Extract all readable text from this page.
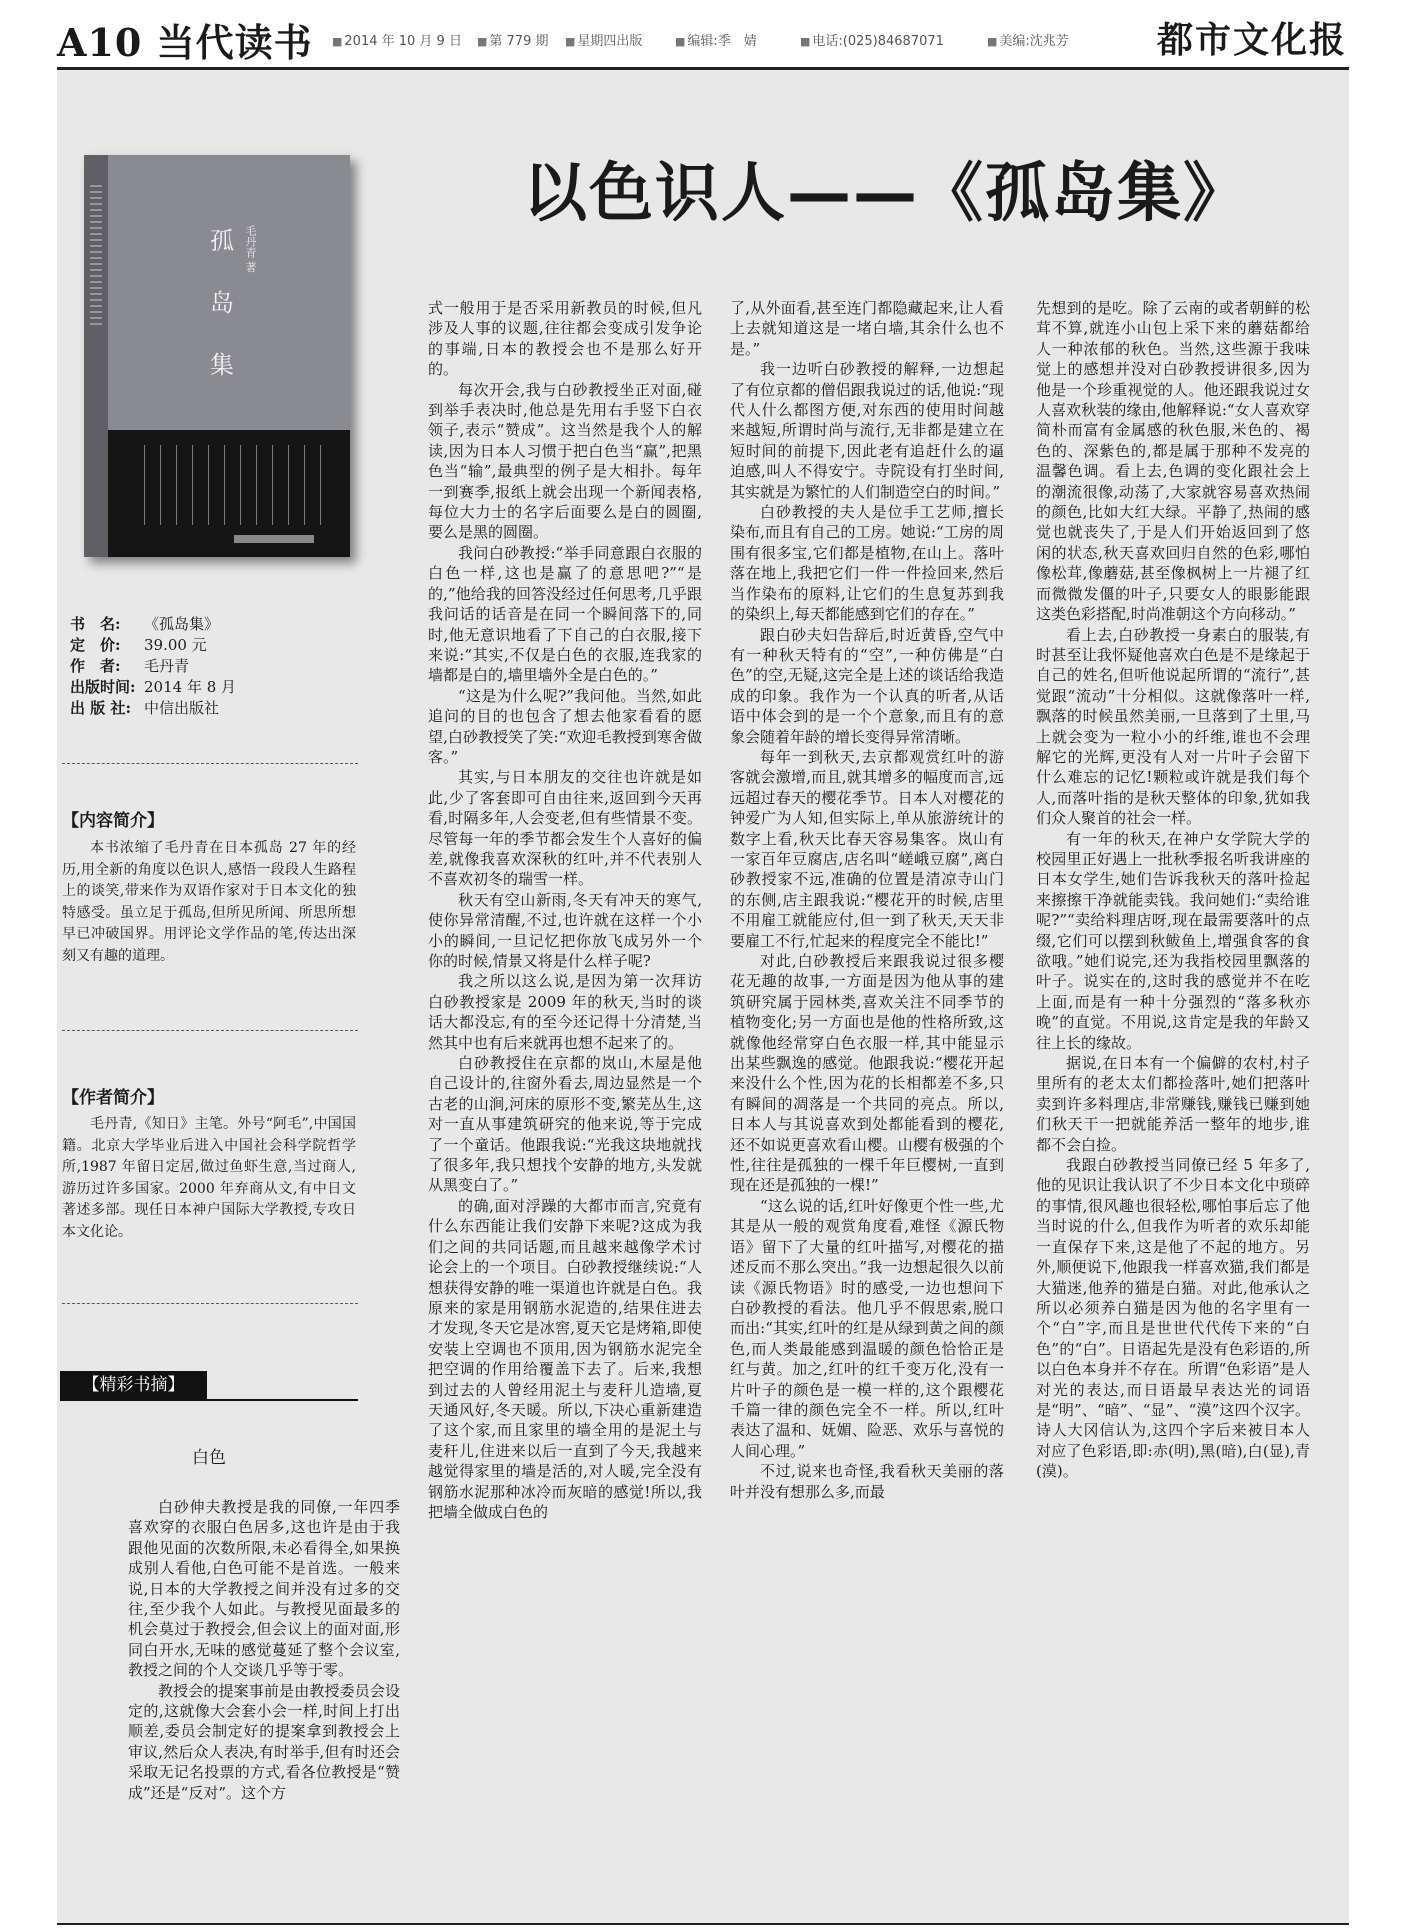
A10 当代读书	■ 2014 年 10 月 9 日	■ 第 779 期	■ 星期四出版	■ 编辑:季　婧	■ 电话:(025)84687071	■ 美编:沈兆芳 都市文化报
孤
岛
集
毛丹青 著
书　名: 《孤岛集》
定　价: 39.00 元
作　者: 毛丹青
出版时间: 2014 年 8 月
出 版 社: 中信出版社
【内容简介】

本书浓缩了毛丹青在日本孤岛 27 年的经历,用全新的角度以色识人,感悟一段段人生路程上的谈笑,带来作为双语作家对于日本文化的独特感受。虽立足于孤岛,但所见所闻、所思所想早已冲破国界。用评论文学作品的笔,传达出深刻又有趣的道理。

【作者简介】

毛丹青,《知日》主笔。外号“阿毛”,中国国籍。北京大学毕业后进入中国社会科学院哲学所,1987 年留日定居,做过鱼虾生意,当过商人,游历过许多国家。2000 年弃商从文,有中日文著述多部。现任日本神户国际大学教授,专攻日本文化论。

【精彩书摘】
白色

白砂伸夫教授是我的同僚,一年四季喜欢穿的衣服白色居多,这也许是由于我跟他见面的次数所限,未必看得全,如果换成别人看他,白色可能不是首选。一般来说,日本的大学教授之间并没有过多的交往,至少我个人如此。与教授见面最多的机会莫过于教授会,但会议上的面对面,形同白开水,无味的感觉蔓延了整个会议室,教授之间的个人交谈几乎等于零。

教授会的提案事前是由教授委员会设定的,这就像大会套小会一样,时间上打出顺差,委员会制定好的提案拿到教授会上审议,然后众人表决,有时举手,但有时还会采取无记名投票的方式,看各位教授是“赞成”还是“反对”。这个方

以色识人——《孤岛集》

式一般用于是否采用新教员的时候,但凡涉及人事的议题,往往都会变成引发争论的事端,日本的教授会也不是那么好开的。

每次开会,我与白砂教授坐正对面,碰到举手表决时,他总是先用右手竖下白衣领子,表示“赞成”。这当然是我个人的解读,因为日本人习惯于把白色当“赢”,把黑色当“输”,最典型的例子是大相扑。每年一到赛季,报纸上就会出现一个新闻表格,每位大力士的名字后面要么是白的圆圈,要么是黑的圆圈。

我问白砂教授:“举手同意跟白衣服的白色一样,这也是赢了的意思吧?”“是的,”他给我的回答没经过任何思考,几乎跟我问话的话音是在同一个瞬间落下的,同时,他无意识地看了下自己的白衣服,接下来说:“其实,不仅是白色的衣服,连我家的墙都是白的,墙里墙外全是白色的。”

“这是为什么呢?”我问他。当然,如此追问的目的也包含了想去他家看看的愿望,白砂教授笑了笑:“欢迎毛教授到寒舍做客。”

其实,与日本朋友的交往也许就是如此,少了客套即可自由往来,返回到今天再看,时隔多年,人会变老,但有些情景不变。尽管每一年的季节都会发生个人喜好的偏差,就像我喜欢深秋的红叶,并不代表别人不喜欢初冬的瑞雪一样。

秋天有空山新雨,冬天有冲天的寒气,使你异常清醒,不过,也许就在这样一个小小的瞬间,一旦记忆把你放飞成另外一个你的时候,情景又将是什么样子呢?

我之所以这么说,是因为第一次拜访白砂教授家是 2009 年的秋天,当时的谈话大都没忘,有的至今还记得十分清楚,当然其中也有后来就再也想不起来了的。

白砂教授住在京都的岚山,木屋是他自己设计的,往窗外看去,周边显然是一个古老的山涧,河床的原形不变,繁芜丛生,这对一直从事建筑研究的他来说,等于完成了一个童话。他跟我说:“光我这块地就找了很多年,我只想找个安静的地方,头发就从黑变白了。”

的确,面对浮躁的大都市而言,究竟有什么东西能让我们安静下来呢?这成为我们之间的共同话题,而且越来越像学术讨论会上的一个项目。白砂教授继续说:“人想获得安静的唯一渠道也许就是白色。我原来的家是用钢筋水泥造的,结果住进去才发现,冬天它是冰窖,夏天它是烤箱,即使安装上空调也不顶用,因为钢筋水泥完全把空调的作用给覆盖下去了。后来,我想到过去的人曾经用泥土与麦秆儿造墙,夏天通风好,冬天暖。所以,下决心重新建造了这个家,而且家里的墙全用的是泥土与麦秆儿,住进来以后一直到了今天,我越来越觉得家里的墙是活的,对人暖,完全没有钢筋水泥那种冰冷而灰暗的感觉!所以,我把墙全做成白色的

了,从外面看,甚至连门都隐藏起来,让人看上去就知道这是一堵白墙,其余什么也不是。”

我一边听白砂教授的解释,一边想起了有位京都的僧侣跟我说过的话,他说:“现代人什么都图方便,对东西的使用时间越来越短,所谓时尚与流行,无非都是建立在短时间的前提下,因此老有追赶什么的逼迫感,叫人不得安宁。寺院设有打坐时间,其实就是为繁忙的人们制造空白的时间。”

白砂教授的夫人是位手工艺师,擅长染布,而且有自己的工房。她说:“工房的周围有很多宝,它们都是植物,在山上。落叶落在地上,我把它们一件一件捡回来,然后当作染布的原料,让它们的生息复苏到我的染织上,每天都能感到它们的存在。”

跟白砂夫妇告辞后,时近黄昏,空气中有一种秋天特有的“空”,一种仿佛是“白色”的空,无疑,这完全是上述的谈话给我造成的印象。我作为一个认真的听者,从话语中体会到的是一个个意象,而且有的意象会随着年龄的增长变得异常清晰。

每年一到秋天,去京都观赏红叶的游客就会激增,而且,就其增多的幅度而言,远远超过春天的樱花季节。日本人对樱花的钟爱广为人知,但实际上,单从旅游统计的数字上看,秋天比春天容易集客。岚山有一家百年豆腐店,店名叫“嵯峨豆腐”,离白砂教授家不远,准确的位置是清凉寺山门的东侧,店主跟我说:“樱花开的时候,店里不用雇工就能应付,但一到了秋天,天天非要雇工不行,忙起来的程度完全不能比!”

对此,白砂教授后来跟我说过很多樱花无趣的故事,一方面是因为他从事的建筑研究属于园林类,喜欢关注不同季节的植物变化;另一方面也是他的性格所致,这就像他经常穿白色衣服一样,其中能显示出某些飘逸的感觉。他跟我说:“樱花开起来没什么个性,因为花的长相都差不多,只有瞬间的凋落是一个共同的亮点。所以,日本人与其说喜欢到处都能看到的樱花,还不如说更喜欢看山樱。山樱有极强的个性,往往是孤独的一棵千年巨樱树,一直到现在还是孤独的一棵!”

“这么说的话,红叶好像更个性一些,尤其是从一般的观赏角度看,难怪《源氏物语》留下了大量的红叶描写,对樱花的描述反而不那么突出。”我一边想起很久以前读《源氏物语》时的感受,一边也想问下白砂教授的看法。他几乎不假思索,脱口而出:“其实,红叶的红是从绿到黄之间的颜色,而人类最能感到温暖的颜色恰恰正是红与黄。加之,红叶的红千变万化,没有一片叶子的颜色是一模一样的,这个跟樱花千篇一律的颜色完全不一样。所以,红叶表达了温和、妩媚、险恶、欢乐与喜悦的人间心理。”

不过,说来也奇怪,我看秋天美丽的落叶并没有想那么多,而最

先想到的是吃。除了云南的或者朝鲜的松茸不算,就连小山包上采下来的蘑菇都给人一种浓郁的秋色。当然,这些源于我味觉上的感想并没对白砂教授讲很多,因为他是一个珍重视觉的人。他还跟我说过女人喜欢秋装的缘由,他解释说:“女人喜欢穿简朴而富有金属感的秋色服,米色的、褐色的、深紫色的,都是属于那种不发亮的温馨色调。看上去,色调的变化跟社会上的潮流很像,动荡了,大家就容易喜欢热闹的颜色,比如大红大绿。平静了,热闹的感觉也就丧失了,于是人们开始返回到了悠闲的状态,秋天喜欢回归自然的色彩,哪怕像松茸,像蘑菇,甚至像枫树上一片褪了红而微微发僵的叶子,只要女人的眼影能跟这类色彩搭配,时尚准朝这个方向移动。”

看上去,白砂教授一身素白的服装,有时甚至让我怀疑他喜欢白色是不是缘起于自己的姓名,但听他说起所谓的“流行”,甚觉跟“流动”十分相似。这就像落叶一样,飘落的时候虽然美丽,一旦落到了土里,马上就会变为一粒小小的纤维,谁也不会理解它的光辉,更没有人对一片叶子会留下什么难忘的记忆!颗粒或许就是我们每个人,而落叶指的是秋天整体的印象,犹如我们众人聚首的社会一样。

有一年的秋天,在神户女学院大学的校园里正好遇上一批秋季报名听我讲座的日本女学生,她们告诉我秋天的落叶捡起来擦擦干净就能卖钱。我问她们:“卖给谁呢?”“卖给料理店呀,现在最需要落叶的点缀,它们可以摆到秋鲅鱼上,增强食客的食欲哦。”她们说完,还为我指校园里飘落的叶子。说实在的,这时我的感觉并不在吃上面,而是有一种十分强烈的“落多秋亦晚”的直觉。不用说,这肯定是我的年龄又往上长的缘故。

据说,在日本有一个偏僻的农村,村子里所有的老太太们都捡落叶,她们把落叶卖到许多料理店,非常赚钱,赚钱已赚到她们秋天干一把就能养活一整年的地步,谁都不会白捡。

我跟白砂教授当同僚已经 5 年多了,他的见识让我认识了不少日本文化中琐碎的事情,很风趣也很轻松,哪怕事后忘了他当时说的什么,但我作为听者的欢乐却能一直保存下来,这是他了不起的地方。另外,顺便说下,他跟我一样喜欢猫,我们都是大猫迷,他养的猫是白猫。对此,他承认之所以必须养白猫是因为他的名字里有一个“白”字,而且是世世代代传下来的“白色”的“白”。日语起先是没有色彩语的,所以白色本身并不存在。所谓“色彩语”是人对光的表达,而日语最早表达光的词语是“明”、“暗”、“显”、“漠”这四个汉字。诗人大冈信认为,这四个字后来被日本人对应了色彩语,即:赤(明),黑(暗),白(显),青(漠)。
